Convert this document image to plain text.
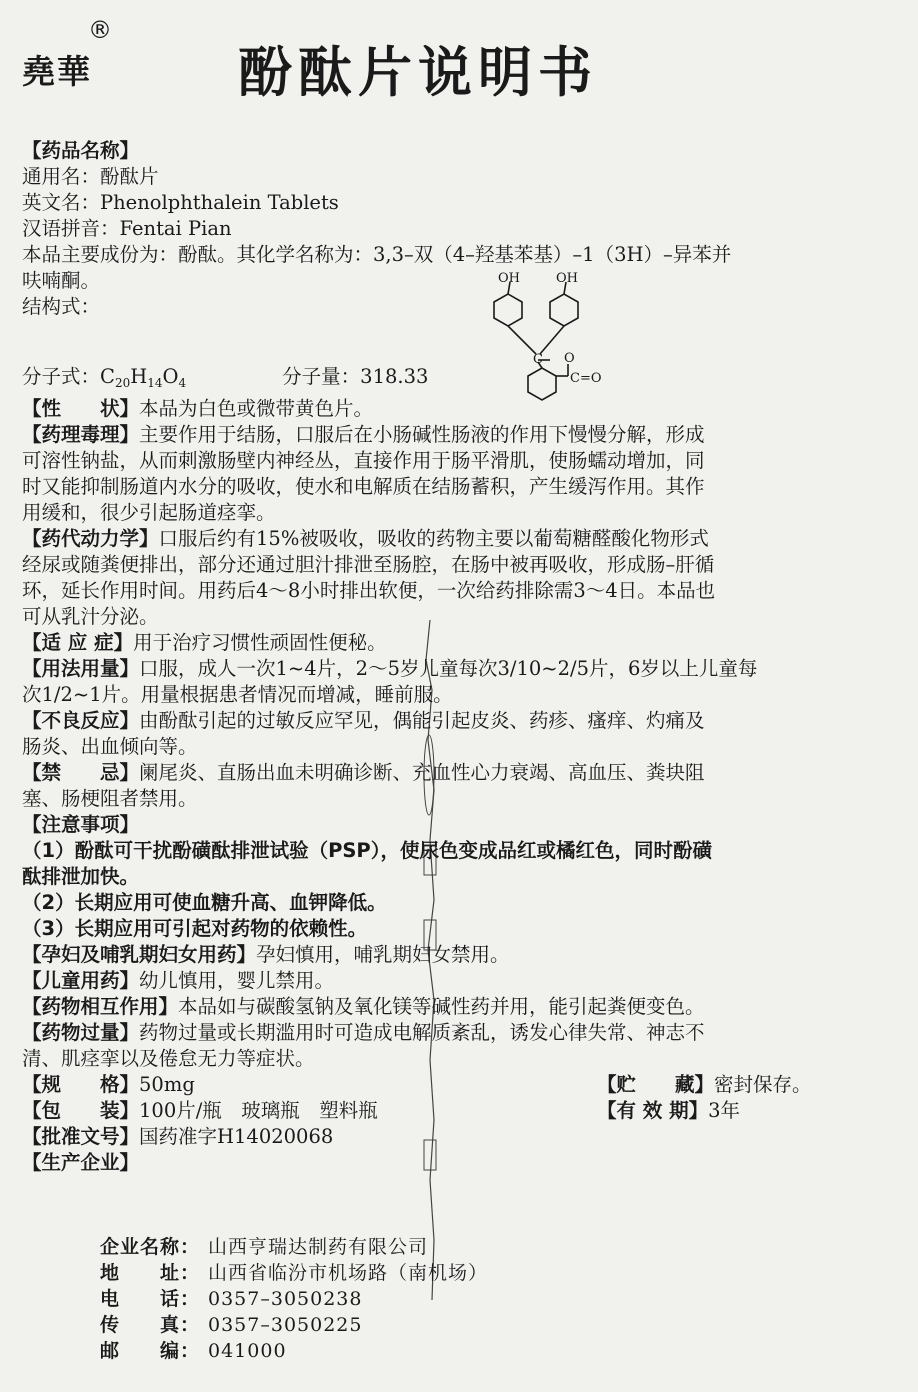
堯華
®
酚酞片说明书
OH	OH
C O
C=O
【药品名称】
通用名：酚酞片
英文名：Phenolphthalein Tablets
汉语拼音：Fentai Pian
本品主要成份为：酚酞。其化学名称为：3,3–双（4–羟基苯基）–1（3H）–异苯并
呋喃酮。
结构式：
分子式：$C_{20}H_{14}O_4$	分子量：318.33
【性　　状】本品为白色或微带黄色片。
【药理毒理】主要作用于结肠，口服后在小肠碱性肠液的作用下慢慢分解，形成
可溶性钠盐，从而刺激肠壁内神经丛，直接作用于肠平滑肌，使肠蠕动增加，同
时又能抑制肠道内水分的吸收，使水和电解质在结肠蓄积，产生缓泻作用。其作
用缓和，很少引起肠道痉挛。
【药代动力学】口服后约有15%被吸收，吸收的药物主要以葡萄糖醛酸化物形式
经尿或随粪便排出，部分还通过胆汁排泄至肠腔，在肠中被再吸收，形成肠–肝循
环，延长作用时间。用药后4～8小时排出软便，一次给药排除需3～4日。本品也
可从乳汁分泌。
【适 应 症】用于治疗习惯性顽固性便秘。
【用法用量】口服，成人一次1~4片，2～5岁儿童每次3/10~2/5片，6岁以上儿童每
次1/2~1片。用量根据患者情况而增减，睡前服。
【不良反应】由酚酞引起的过敏反应罕见，偶能引起皮炎、药疹、瘙痒、灼痛及
肠炎、出血倾向等。
【禁　　忌】阑尾炎、直肠出血未明确诊断、充血性心力衰竭、高血压、粪块阻
塞、肠梗阻者禁用。
【注意事项】
（1）酚酞可干扰酚磺酞排泄试验（PSP），使尿色变成品红或橘红色，同时酚磺
酞排泄加快。
（2）长期应用可使血糖升高、血钾降低。
（3）长期应用可引起对药物的依赖性。
【孕妇及哺乳期妇女用药】孕妇慎用，哺乳期妇女禁用。
【儿童用药】幼儿慎用，婴儿禁用。
【药物相互作用】本品如与碳酸氢钠及氧化镁等碱性药并用，能引起粪便变色。
【药物过量】药物过量或长期滥用时可造成电解质紊乱，诱发心律失常、神志不
清、肌痉挛以及倦怠无力等症状。
【规　　格】50mg	【贮　　藏】密封保存。
【包　　装】100片/瓶　玻璃瓶　塑料瓶	【有 效 期】3年
【批准文号】国药准字H14020068
【生产企业】
企业名称： 山西亨瑞达制药有限公司
地　　址： 山西省临汾市机场路（南机场）
电　　话： 0357–3050238
传　　真： 0357–3050225
邮　　编： 041000
